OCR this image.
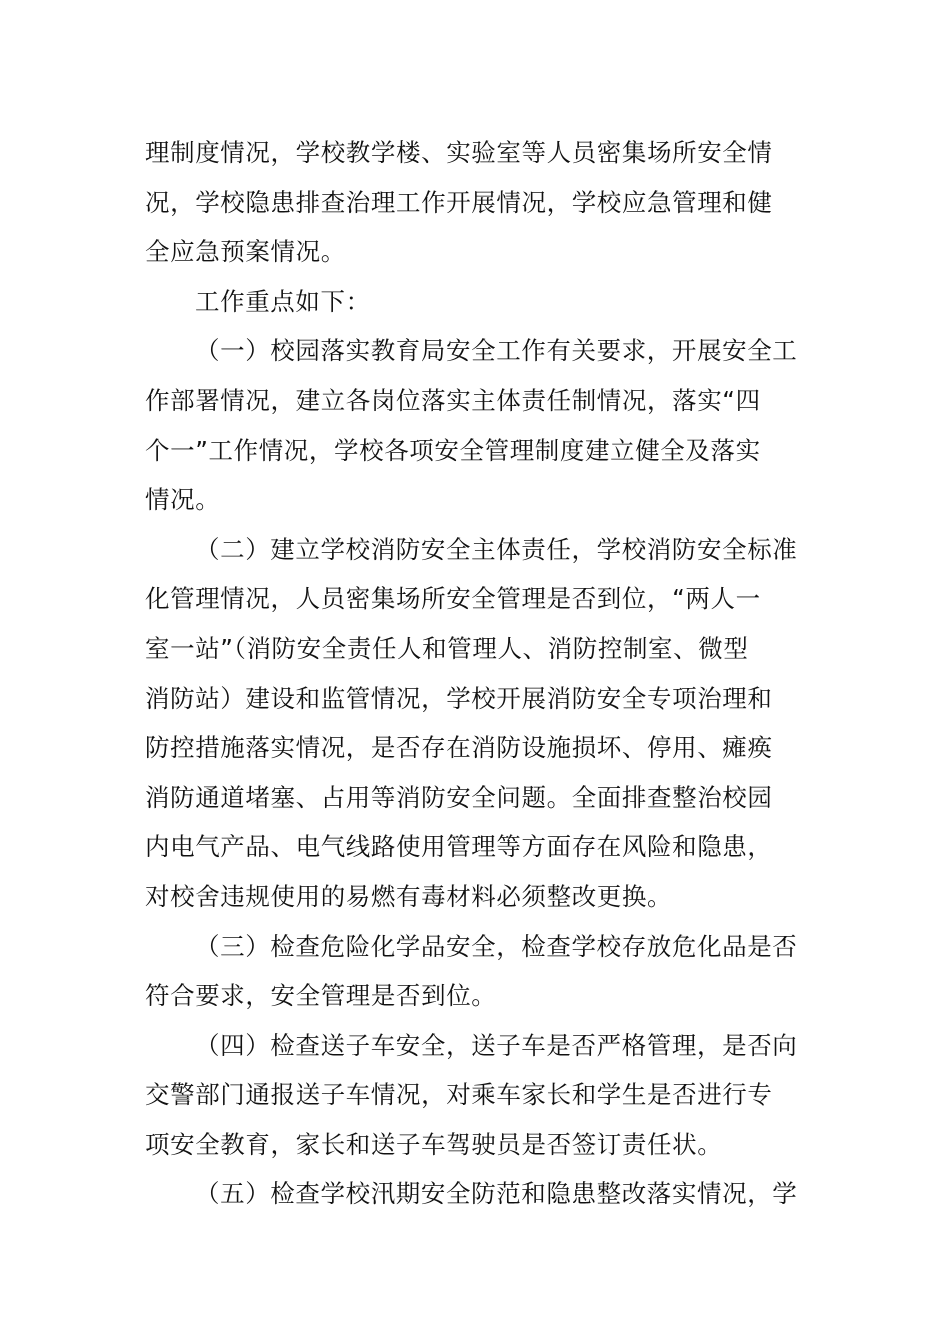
理制度情况，学校教学楼、实验室等人员密集场所安全情
况，学校隐患排查治理工作开展情况，学校应急管理和健
全应急预案情况。
工作重点如下：
（一）校园落实教育局安全工作有关要求，开展安全工
作部署情况，建立各岗位落实主体责任制情况，落实“四
个一”工作情况，学校各项安全管理制度建立健全及落实
情况。
（二）建立学校消防安全主体责任，学校消防安全标准
化管理情况，人员密集场所安全管理是否到位，“两人一
室一站”（消防安全责任人和管理人、消防控制室、微型
消防站）建设和监管情况，学校开展消防安全专项治理和
防控措施落实情况，是否存在消防设施损坏、停用、瘫痪
消防通道堵塞、占用等消防安全问题。全面排查整治校园
内电气产品、电气线路使用管理等方面存在风险和隐患，
对校舍违规使用的易燃有毒材料必须整改更换。
（三）检查危险化学品安全，检查学校存放危化品是否
符合要求，安全管理是否到位。
（四）检查送子车安全，送子车是否严格管理，是否向
交警部门通报送子车情况，对乘车家长和学生是否进行专
项安全教育，家长和送子车驾驶员是否签订责任状。
（五）检查学校汛期安全防范和隐患整改落实情况，学
